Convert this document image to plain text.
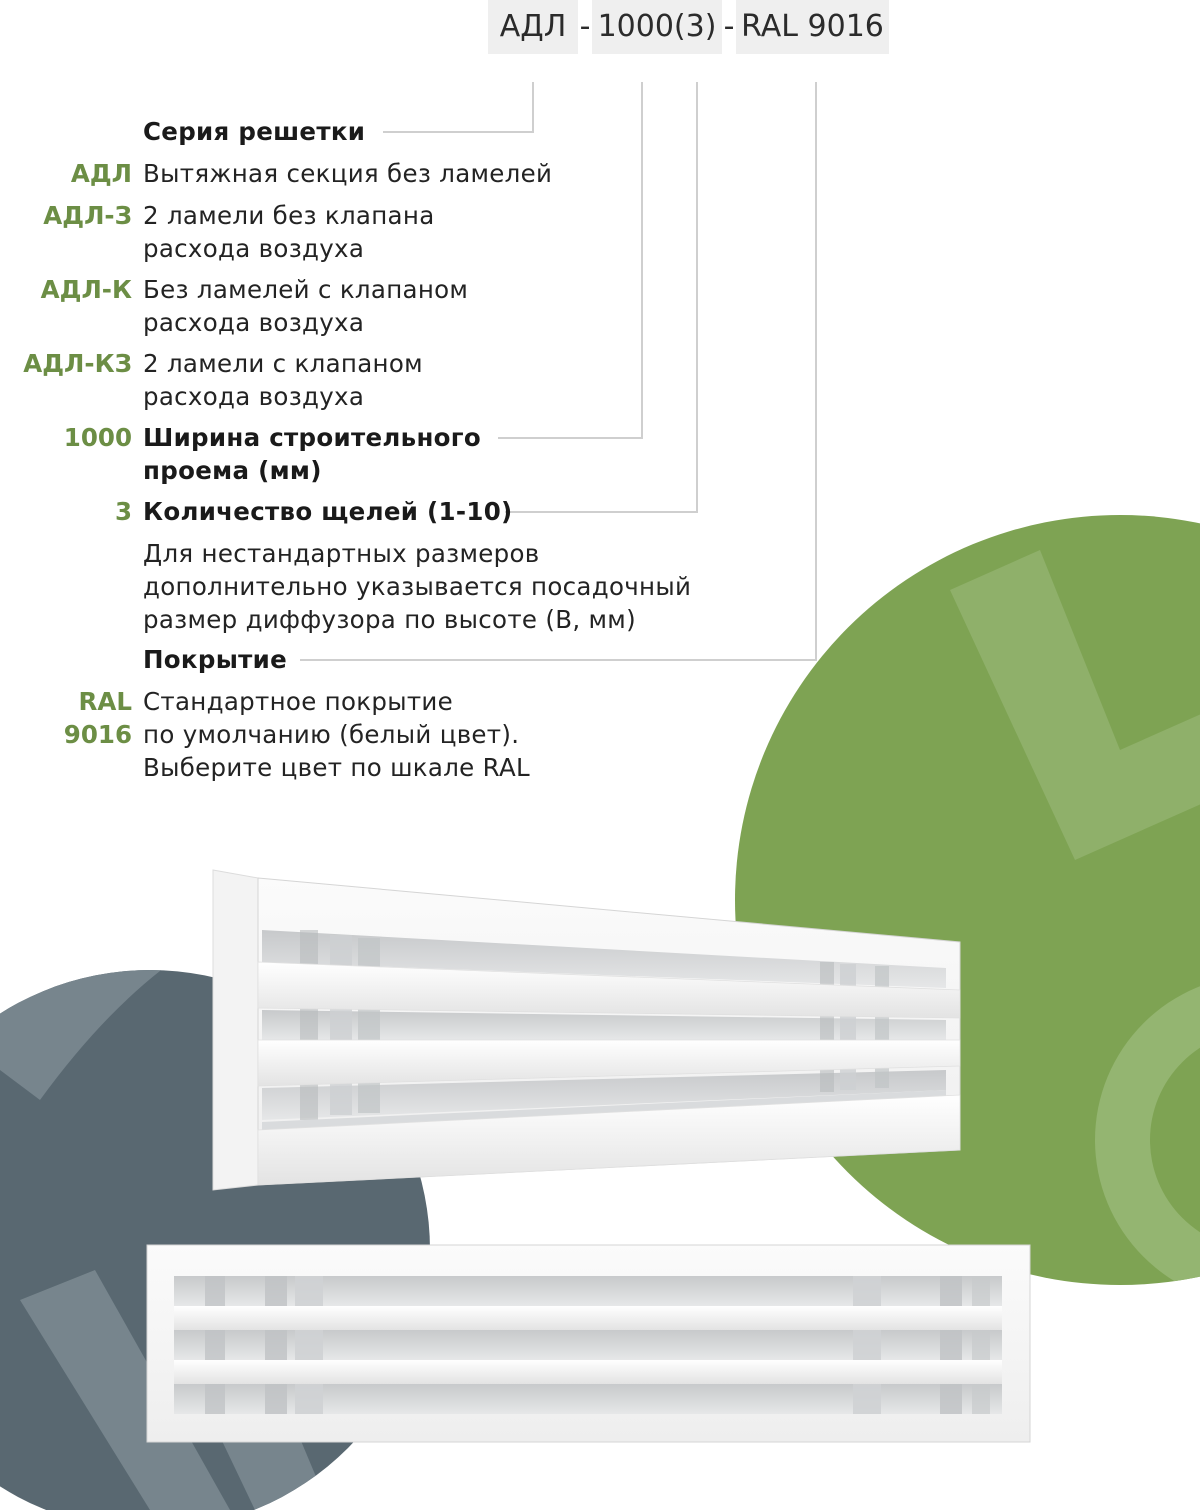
АДЛ - 1000(3) - RAL 9016
Серия решетки
АДЛ Вытяжная секция без ламелей
АДЛ-З 2 ламели без клапана
расхода воздуха
АДЛ-К Без ламелей с клапаном
расхода воздуха
АДЛ-КЗ 2 ламели с клапаном
расхода воздуха
1000 Ширина строительного
проема (мм)
3 Количество щелей (1-10)
Для нестандартных размеров
дополнительно указывается посадочный
размер диффузора по высоте (В, мм)
Покрытие
RAL
9016
Стандартное покрытие
по умолчанию (белый цвет).
Выберите цвет по шкале RAL
